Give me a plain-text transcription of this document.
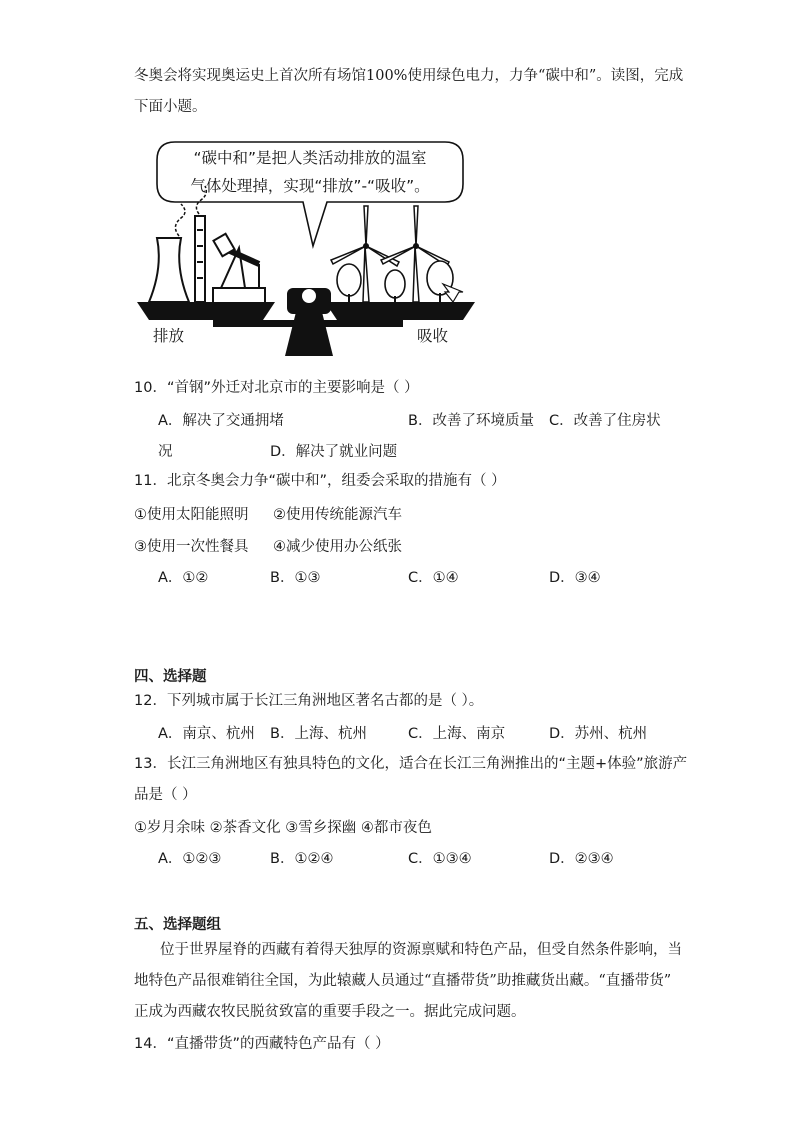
冬奥会将实现奥运史上首次所有场馆100%使用绿色电力，力争“碳中和”。读图，完成
下面小题。
“碳中和”是把人类活动排放的温室
气体处理掉，实现“排放”-“吸收”。
排放	吸收
10．“首钢”外迁对北京市的主要影响是（ ）
A．解决了交通拥堵	B．改善了环境质量 C．改善了住房状
况	D．解决了就业问题
11．北京冬奥会力争“碳中和”，组委会采取的措施有（ ）
①使用太阳能照明 ②使用传统能源汽车
③使用一次性餐具 ④减少使用办公纸张
A．①②	B．①③	C．①④	D．③④
四、选择题
12．下列城市属于长江三角洲地区著名古都的是（ ）。
A．南京、杭州 B．上海、杭州	C．上海、南京	D．苏州、杭州
13．长江三角洲地区有独具特色的文化，适合在长江三角洲推出的“主题+体验”旅游产
品是（ ）
①岁月余味 ②茶香文化 ③雪乡探幽 ④都市夜色
A．①②③	B．①②④	C．①③④	D．②③④
五、选择题组
位于世界屋脊的西藏有着得天独厚的资源禀赋和特色产品，但受自然条件影响，当
地特色产品很难销往全国，为此辕藏人员通过“直播带货”助推藏货出藏。“直播带货”
正成为西藏农牧民脱贫致富的重要手段之一。据此完成问题。
14．“直播带货”的西藏特色产品有（ ）
